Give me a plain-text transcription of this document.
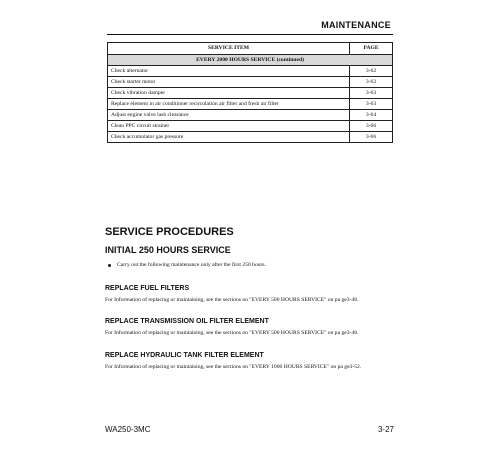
MAINTENANCE
SERVICE ITEM	PAGE
EVERY 2000 HOURS SERVICE (continued)	
Check alternator	3-62
Check starter motor	3-62
Check vibration damper	3-63
Replace element in air conditioner recirculation air filter and fresh air filter	3-63
Adjust engine valve lash clearance	3-64
Clean PPC circuit strainer	3-66
Check accumulator gas pressure	3-66
SERVICE PROCEDURES
INITIAL 250 HOURS SERVICE
Carry out the following maintenance only after the first 250 hours.
REPLACE FUEL FILTERS
For Information of replacing or maintaining, see the sections on "EVERY 500 HOURS SERVICE" on pa ge3-48.
REPLACE TRANSMISSION OIL FILTER ELEMENT
For Information of replacing or maintaining, see the sections on "EVERY 500 HOURS SERVICE" on pa ge3-48.
REPLACE HYDRAULIC TANK FILTER ELEMENT
For Information of replacing or maintaining, see the sections on "EVERY 1000 HOURS SERVICE" on pa ge3-52.
WA250-3MC	3-27
